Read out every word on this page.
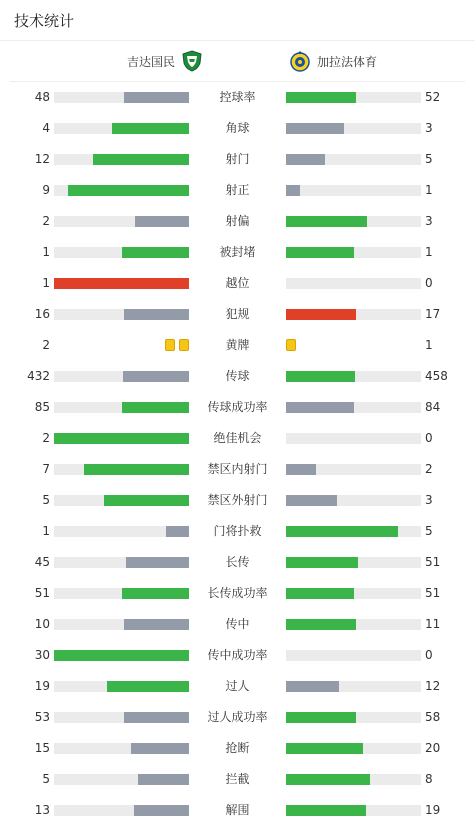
技术统计
吉达国民	加拉法体育
48	控球率	52
4	角球	3
12	射门	5
9	射正	1
2	射偏	3
1	被封堵	1
1	越位	0
16	犯规	17
2	黄牌	1
432	传球	458
85	传球成功率	84
2	绝佳机会	0
7	禁区内射门	2
5	禁区外射门	3
1	门将扑救	5
45	长传	51
51	长传成功率	51
10	传中	11
30	传中成功率	0
19	过人	12
53	过人成功率	58
15	抢断	20
5	拦截	8
13	解围	19
